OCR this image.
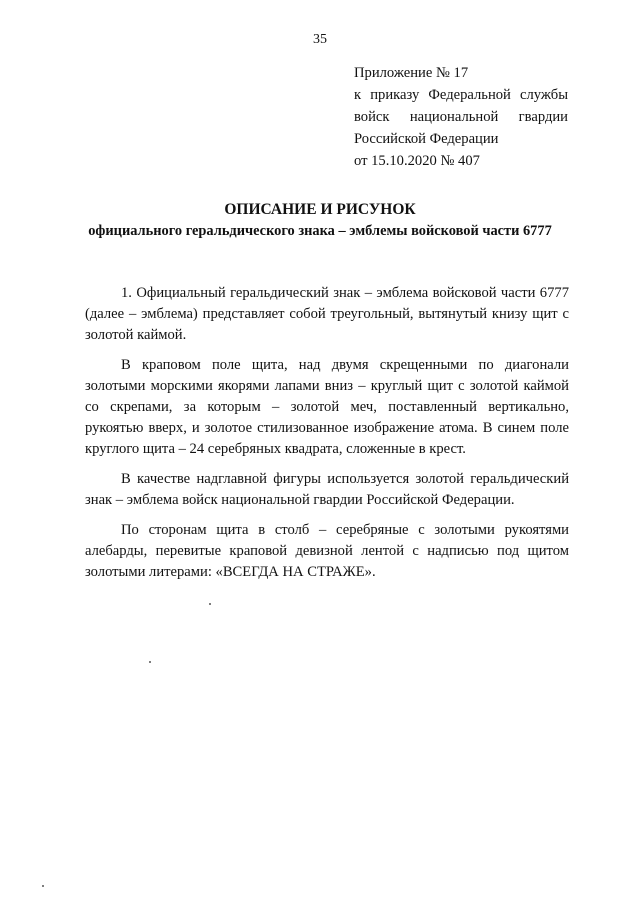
35
Приложение № 17
к приказу Федеральной службы
войск национальной гвардии
Российской Федерации
от 15.10.2020 № 407
ОПИСАНИЕ И РИСУНОК
официального геральдического знака – эмблемы войсковой части 6777

1. Официальный геральдический знак – эмблема войсковой части 6777 (далее – эмблема) представляет собой треугольный, вытянутый книзу щит с золотой каймой.

В краповом поле щита, над двумя скрещенными по диагонали золотыми морскими якорями лапами вниз – круглый щит с золотой каймой со скрепами, за которым – золотой меч, поставленный вертикально, рукоятью вверх, и золотое стилизованное изображение атома. В синем поле круглого щита – 24 серебряных квадрата, сложенные в крест.

В качестве надглавной фигуры используется золотой геральдический знак – эмблема войск национальной гвардии Российской Федерации.

По сторонам щита в столб – серебряные с золотыми рукоятями алебарды, перевитые краповой девизной лентой с надписью под щитом золотыми литерами: «ВСЕГДА НА СТРАЖЕ».
